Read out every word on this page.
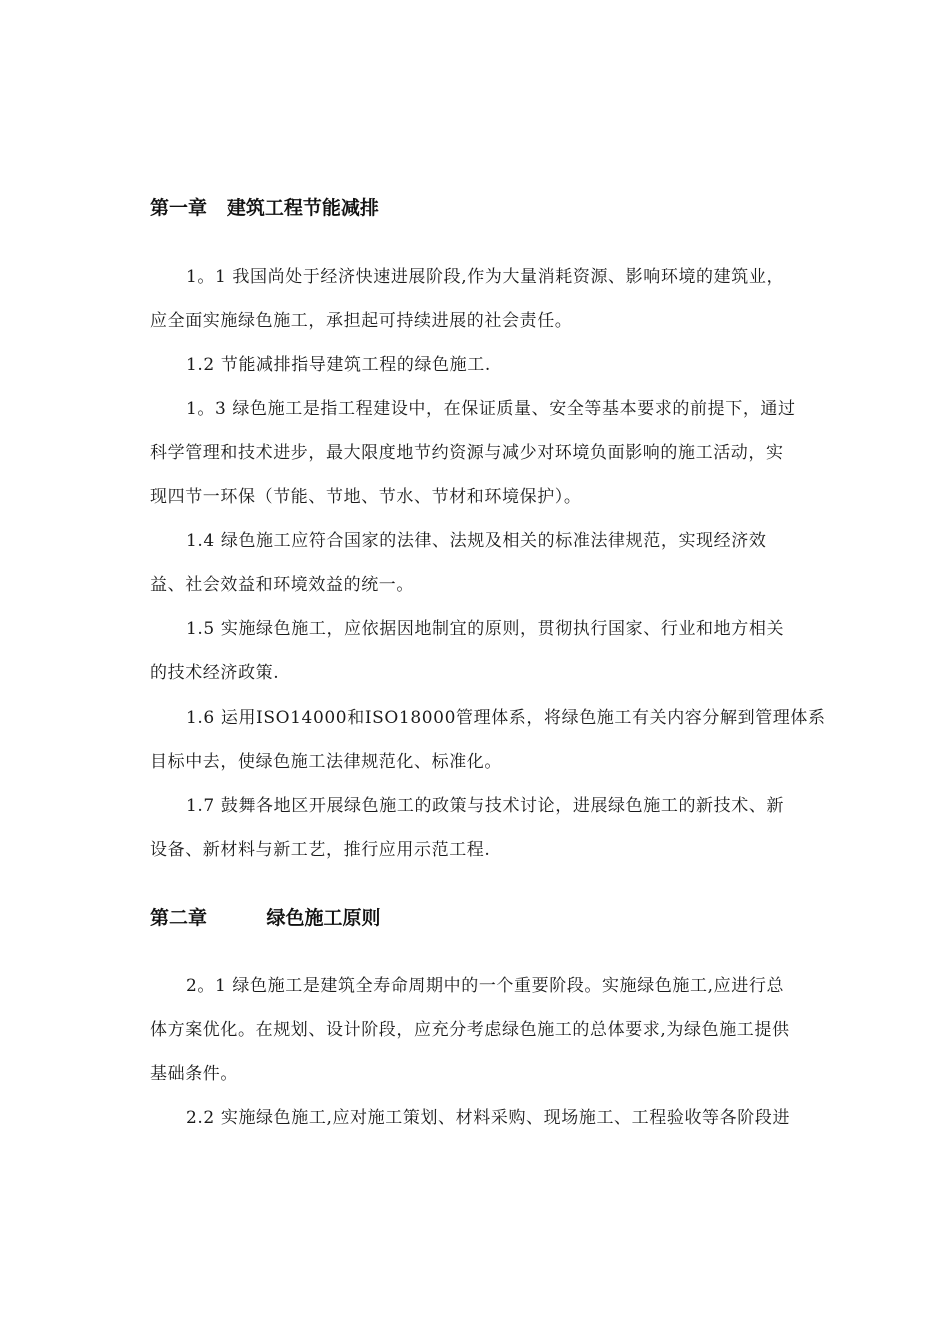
第一章   建筑工程节能减排
1。1 我国尚处于经济快速进展阶段,作为大量消耗资源、影响环境的建筑业，
应全面实施绿色施工，承担起可持续进展的社会责任。
1.2 节能减排指导建筑工程的绿色施工.
1。3 绿色施工是指工程建设中，在保证质量、安全等基本要求的前提下，通过
科学管理和技术进步，最大限度地节约资源与减少对环境负面影响的施工活动，实
现四节一环保（节能、节地、节水、节材和环境保护）。
1.4 绿色施工应符合国家的法律、法规及相关的标准法律规范，实现经济效
益、社会效益和环境效益的统一。
1.5 实施绿色施工，应依据因地制宜的原则，贯彻执行国家、行业和地方相关
的技术经济政策.
1.6 运用ISO14000和ISO18000管理体系，将绿色施工有关内容分解到管理体系
目标中去，使绿色施工法律规范化、标准化。
1.7 鼓舞各地区开展绿色施工的政策与技术讨论，进展绿色施工的新技术、新
设备、新材料与新工艺，推行应用示范工程.
第二章         绿色施工原则
2。1 绿色施工是建筑全寿命周期中的一个重要阶段。实施绿色施工,应进行总
体方案优化。在规划、设计阶段，应充分考虑绿色施工的总体要求,为绿色施工提供
基础条件。
2.2 实施绿色施工,应对施工策划、材料采购、现场施工、工程验收等各阶段进
